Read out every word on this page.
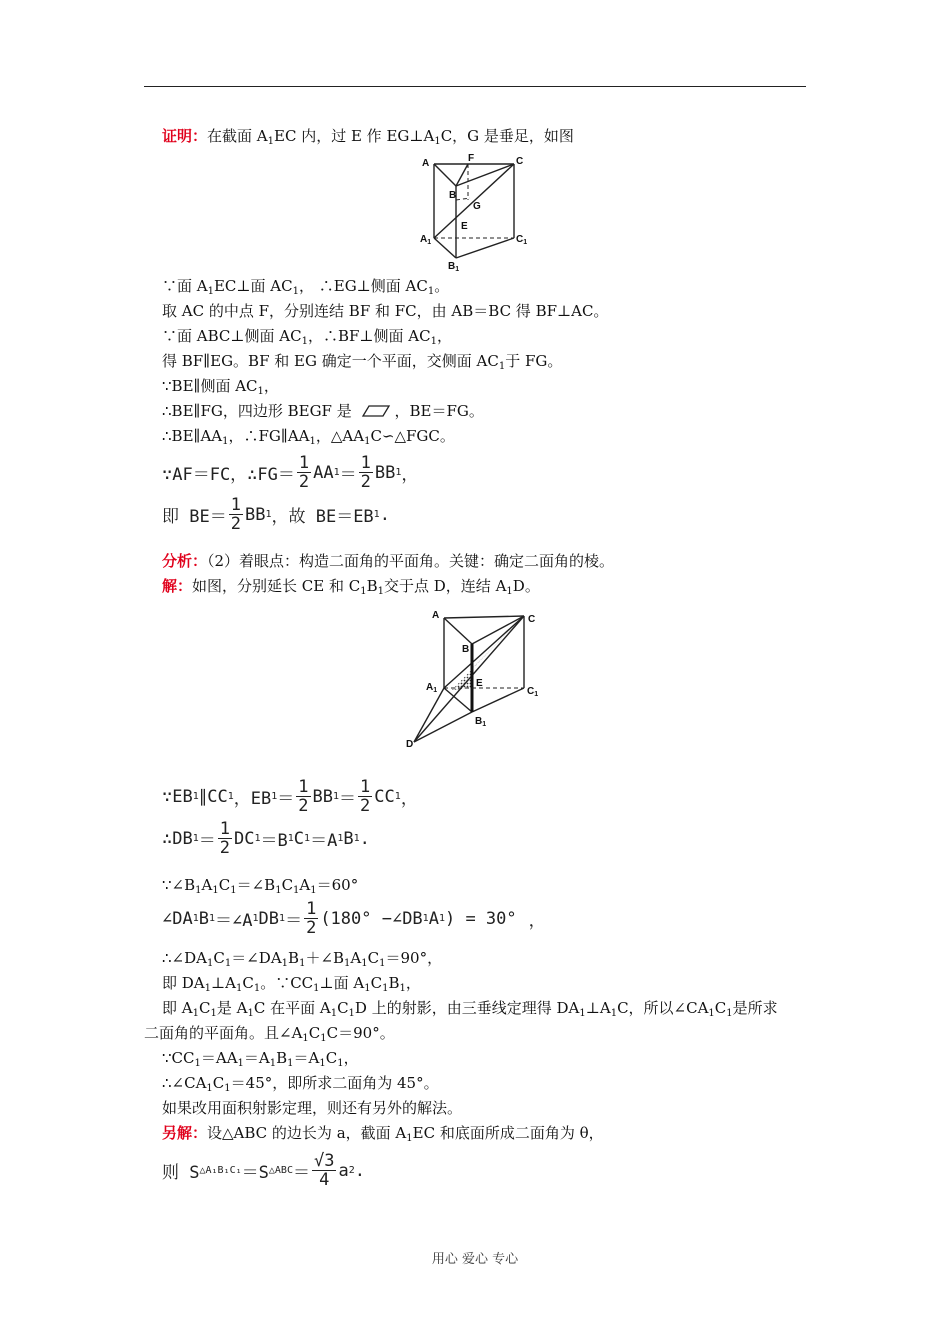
证明：在截面 $A_1EC$ 内，过 E 作 $EG\perp A_1C$，G 是垂足，如图
A	C
F
B
G
E
$A_1$	$C_1$
$B_1$
∵面 $A_1EC\perp$面 $AC_1$， ∴EG⊥侧面 $AC_1$。
取 AC 的中点 F，分别连结 BF 和 FC，由 AB＝BC 得 BF⊥AC。
∵面 ABC⊥侧面 $AC_1$，∴BF⊥侧面 $AC_1$，
得 BF∥EG。BF 和 EG 确定一个平面，交侧面 $AC_1$于 FG。
∵BE∥侧面 $AC_1$，
∴BE∥FG，四边形 BEGF 是	，BE＝FG。
$\therefore BE\parallel AA_1$，$\therefore FG\parallel AA_1$，$\triangle AA_1C∽\triangle FGC$。
∵AF＝FC，∴FG＝ $\frac{1}{2}$ AA $1 = \frac{1}{2}$ BB 1 ，
即 $BE= \frac{1}{2}$ BB 1 ，故 BE＝EB 1 .
分析：（2）着眼点：构造二面角的平面角。关键：确定二面角的棱。
解：如图，分别延长 CE 和 $C_1B_1$交于点 D，连结 $A_1D$。
A	C
B
E
$A_1$	$C_1$
$B_1$
D
∵EB 1 ∥CC 1 ，EB $1 = \frac{1}{2}$ BB $1 = \frac{1}{2}$ CC 1 ，
∴DB $1 = \frac{1}{2}$ DC 1 ＝B 1 C 1 ＝A 1 B 1 .
$\because\angle B_1A_1C_1=\angle B_1C_1A_1=60^\circ$
∠DA 1 B 1 ＝∠A 1 DB $1 = \frac{1}{2} (180^\circ$ −∠DB 1 A 1 ) = 30° ，
$\therefore\angle DA_1C_1=\angle DA_1B_1+\angle B_1A_1C_1=90^\circ$，
即 $DA_1\perp A_1C_1$。$\because CC_1\perp$面 $A_1C_1B_1$，
即 $A_1C_1$是 $A_1C$ 在平面 $A_1C_1D$ 上的射影，由三垂线定理得 $DA_1\perp A_1C$，所以$\angle CA_1C_1$是所求
二面角的平面角。且$\angle A_1C_1C=90^\circ$。
$\because CC_1=AA_1=A_1B_1=A_1C_1$，
$\therefore\angle CA_1C_1=45^\circ$，即所求二面角为 45°。
如果改用面积射影定理，则还有另外的解法。
另解：设△ABC 的边长为 a，截面 $A_1EC$ 和底面所成二面角为 θ，
则 S △A₁B₁C₁ ＝S △ABC ＝ $\frac{√3}{4}$ a 2 .
用心 爱心 专心
